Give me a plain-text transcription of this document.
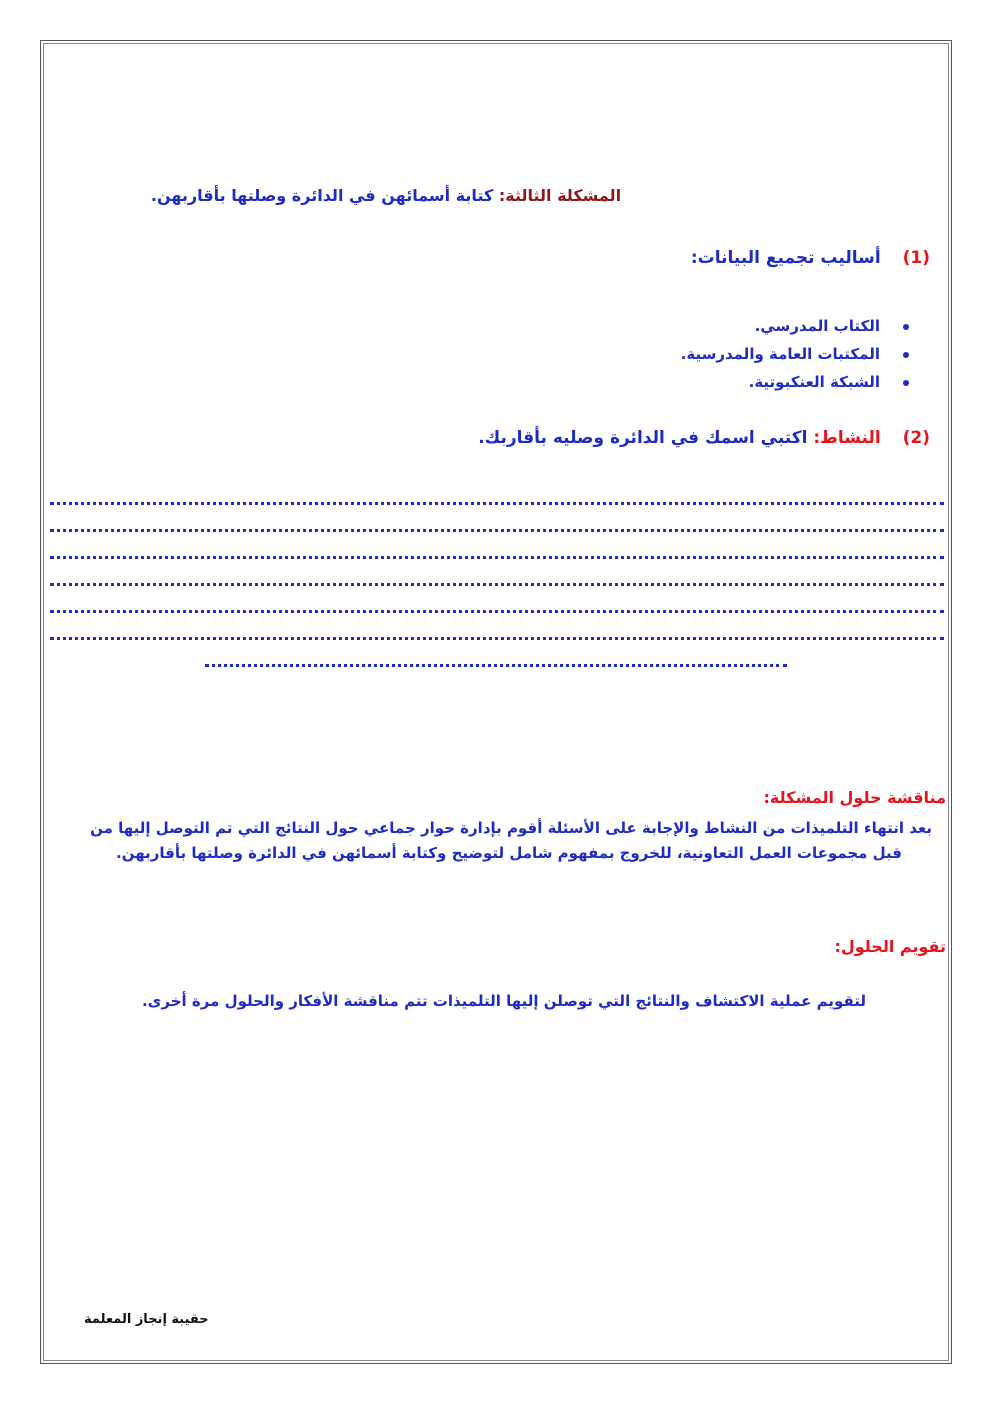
المشكلة الثالثة: كتابة أسمائهن في الدائرة وصلتها بأقاربهن.
(1) أساليب تجميع البيانات:
الكتاب المدرسي.
المكتبات العامة والمدرسية.
الشبكة العنكبوتية.
(2) النشاط: اكتبي اسمك في الدائرة وصليه بأقاربك.
مناقشة حلول المشكلة:
بعد انتهاء التلميذات من النشاط والإجابة على الأسئلة أقوم بإدارة حوار جماعي حول النتائج التي تم التوصل إليها من
قبل مجموعات العمل التعاونية، للخروج بمفهوم شامل لتوضيح وكتابة أسمائهن في الدائرة وصلتها بأقاربهن.
تقويم الحلول:
لتقويم عملية الاكتشاف والنتائج التي توصلن إليها التلميذات تتم مناقشة الأفكار والحلول مرة أخرى.
حقيبة إنجاز المعلمة
